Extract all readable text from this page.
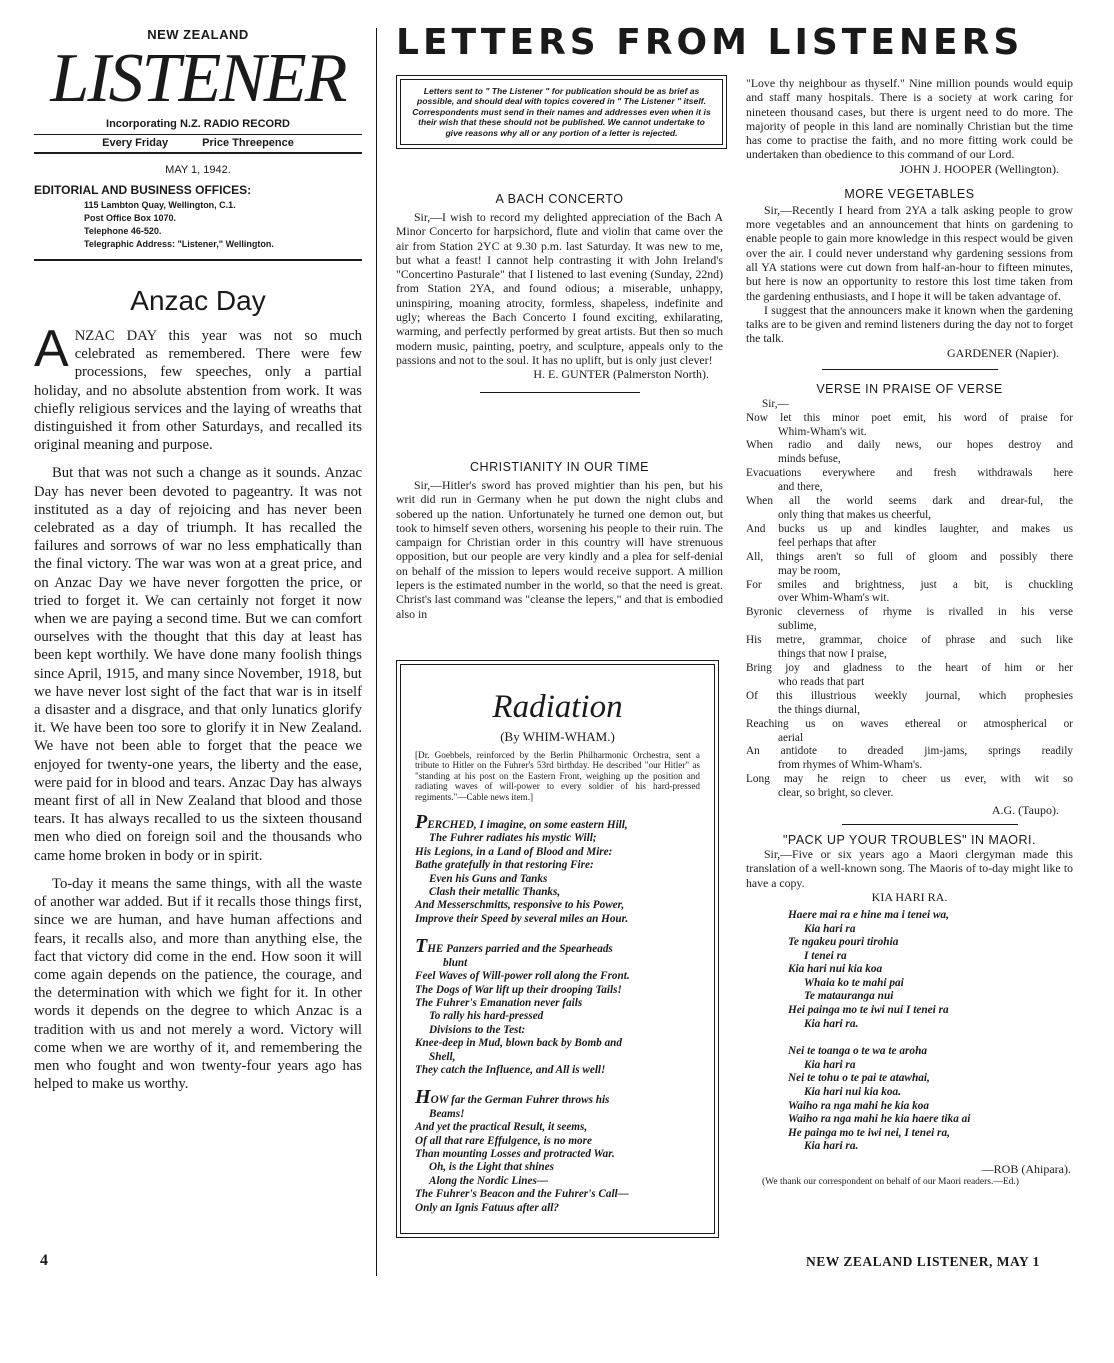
NEW ZEALAND
LISTENER
Incorporating N.Z. RADIO RECORD
Every Friday	Price Threepence
MAY 1, 1942.
EDITORIAL AND BUSINESS OFFICES:
115 Lambton Quay, Wellington, C.1.
Post Office Box 1070.
Telephone 46-520.
Telegraphic Address: "Listener," Wellington.
Anzac Day

ANZAC DAY this year was not so much celebrated as remembered. There were few processions, few speeches, only a partial holiday, and no absolute abstention from work. It was chiefly religious services and the laying of wreaths that distinguished it from other Saturdays, and recalled its original meaning and purpose.

But that was not such a change as it sounds. Anzac Day has never been devoted to pageantry. It was not instituted as a day of rejoicing and has never been celebrated as a day of triumph. It has recalled the failures and sorrows of war no less emphatically than the final victory. The war was won at a great price, and on Anzac Day we have never forgotten the price, or tried to forget it. We can certainly not forget it now when we are paying a second time. But we can comfort ourselves with the thought that this day at least has been kept worthily. We have done many foolish things since April, 1915, and many since November, 1918, but we have never lost sight of the fact that war is in itself a disaster and a disgrace, and that only lunatics glorify it. We have been too sore to glorify it in New Zealand. We have not been able to forget that the peace we enjoyed for twenty-one years, the liberty and the ease, were paid for in blood and tears. Anzac Day has always meant first of all in New Zealand that blood and those tears. It has always recalled to us the sixteen thousand men who died on foreign soil and the thousands who came home broken in body or in spirit.

To-day it means the same things, with all the waste of another war added. But if it recalls those things first, since we are human, and have human affections and fears, it recalls also, and more than anything else, the fact that victory did come in the end. How soon it will come again depends on the patience, the courage, and the determination with which we fight for it. In other words it depends on the degree to which Anzac is a tradition with us and not merely a word. Victory will come when we are worthy of it, and remembering the men who fought and won twenty-four years ago has helped to make us worthy.

4
LETTERS FROM LISTENERS
Letters sent to " The Listener " for publication should be as brief as possible, and should deal with topics covered in " The Listener " itself. Correspondents must send in their names and addresses even when it is their wish that these should not be published. We cannot undertake to give reasons why all or any portion of a letter is rejected.
A BACH CONCERTO

Sir,—I wish to record my delighted appreciation of the Bach A Minor Concerto for harpsichord, flute and violin that came over the air from Station 2YC at 9.30 p.m. last Saturday. It was new to me, but what a feast! I cannot help contrasting it with John Ireland's "Concertino Pasturale" that I listened to last evening (Sunday, 22nd) from Station 2YA, and found odious; a miserable, unhappy, uninspiring, moaning atrocity, formless, shapeless, indefinite and ugly; whereas the Bach Concerto I found exciting, exhilarating, warming, and perfectly performed by great artists. But then so much modern music, painting, poetry, and sculpture, appeals only to the passions and not to the soul. It has no uplift, but is only just clever!

H. E. GUNTER (Palmerston North).
CHRISTIANITY IN OUR TIME

Sir,—Hitler's sword has proved mightier than his pen, but his writ did run in Germany when he put down the night clubs and sobered up the nation. Unfortunately he turned one demon out, but took to himself seven others, worsening his people to their ruin. The campaign for Christian order in this country will have strenuous opposition, but our people are very kindly and a plea for self-denial on behalf of the mission to lepers would receive support. A million lepers is the estimated number in the world, so that the need is great. Christ's last command was "cleanse the lepers," and that is embodied also in

Radiation
(By WHIM-WHAM.)

[Dr. Goebbels, reinforced by the Berlin Philharmonic Orchestra, sent a tribute to Hitler on the Fuhrer's 53rd birthday. He described "our Hitler" as "standing at his post on the Eastern Front, weighing up the position and radiating waves of will-power to every soldier of his hard-pressed regiments."—Cable news item.]

PERCHED, I imagine, on some eastern Hill,
The Fuhrer radiates his mystic Will;
His Legions, in a Land of Blood and Mire:
Bathe gratefully in that restoring Fire:
Even his Guns and Tanks
Clash their metallic Thanks,
And Messerschmitts, responsive to his Power,
Improve their Speed by several miles an Hour.
THE Panzers parried and the Spearheads
blunt
Feel Waves of Will-power roll along the Front.
The Dogs of War lift up their drooping Tails!
The Fuhrer's Emanation never fails
To rally his hard-pressed
Divisions to the Test:
Knee-deep in Mud, blown back by Bomb and
Shell,
They catch the Influence, and All is well!
HOW far the German Fuhrer throws his
Beams!
And yet the practical Result, it seems,
Of all that rare Effulgence, is no more
Than mounting Losses and protracted War.
Oh, is the Light that shines
Along the Nordic Lines—
The Fuhrer's Beacon and the Fuhrer's Call—
Only an Ignis Fatuus after all?

"Love thy neighbour as thyself." Nine million pounds would equip and staff many hospitals. There is a society at work caring for nineteen thousand cases, but there is urgent need to do more. The majority of people in this land are nominally Christian but the time has come to practise the faith, and no more fitting work could be undertaken than obedience to this command of our Lord.

JOHN J. HOOPER (Wellington).
MORE VEGETABLES

Sir,—Recently I heard from 2YA a talk asking people to grow more vegetables and an announcement that hints on gardening to enable people to gain more knowledge in this respect would be given over the air. I could never understand why gardening sessions from all YA stations were cut down from half-an-hour to fifteen minutes, but here is now an opportunity to restore this lost time taken from the gardening enthusiasts, and I hope it will be taken advantage of.

I suggest that the announcers make it known when the gardening talks are to be given and remind listeners during the day not to forget the talk.

GARDENER (Napier).
VERSE IN PRAISE OF VERSE
Sir,—
Now let this minor poet emit, his word of praise for
Whim-Wham's wit.
When radio and daily news, our hopes destroy and
minds befuse,
Evacuations everywhere and fresh withdrawals here
and there,
When all the world seems dark and drear-ful, the
only thing that makes us cheerful,
And bucks us up and kindles laughter, and makes us
feel perhaps that after
All, things aren't so full of gloom and possibly there
may be room,
For smiles and brightness, just a bit, is chuckling
over Whim-Wham's wit.
Byronic cleverness of rhyme is rivalled in his verse
sublime,
His metre, grammar, choice of phrase and such like
things that now I praise,
Bring joy and gladness to the heart of him or her
who reads that part
Of this illustrious weekly journal, which prophesies
the things diurnal,
Reaching us on waves ethereal or atmospherical or
aerial
An antidote to dreaded jim-jams, springs readily
from rhymes of Whim-Wham's.
Long may he reign to cheer us ever, with wit so
clear, so bright, so clever.
A.G. (Taupo).
"PACK UP YOUR TROUBLES" IN MAORI.

Sir,—Five or six years ago a Maori clergyman made this translation of a well-known song. The Maoris of to-day might like to have a copy.

KIA HARI RA.
Haere mai ra e hine ma i tenei wa,
Kia hari ra
Te ngakeu pouri tirohia
I tenei ra
Kia hari nui kia koa
Whaia ko te mahi pai
Te matauranga nui
Hei painga mo te iwi nui I tenei ra
Kia hari ra.
Nei te toanga o te wa te aroha
Kia hari ra
Nei te tohu o te pai te atawhai,
Kia hari nui kia koa.
Waiho ra nga mahi he kia koa
Waiho ra nga mahi he kia haere tika ai
He painga mo te iwi nei, I tenei ra,
Kia hari ra.
—ROB (Ahipara).

(We thank our correspondent on behalf of our Maori readers.—Ed.)

NEW ZEALAND LISTENER, MAY 1
